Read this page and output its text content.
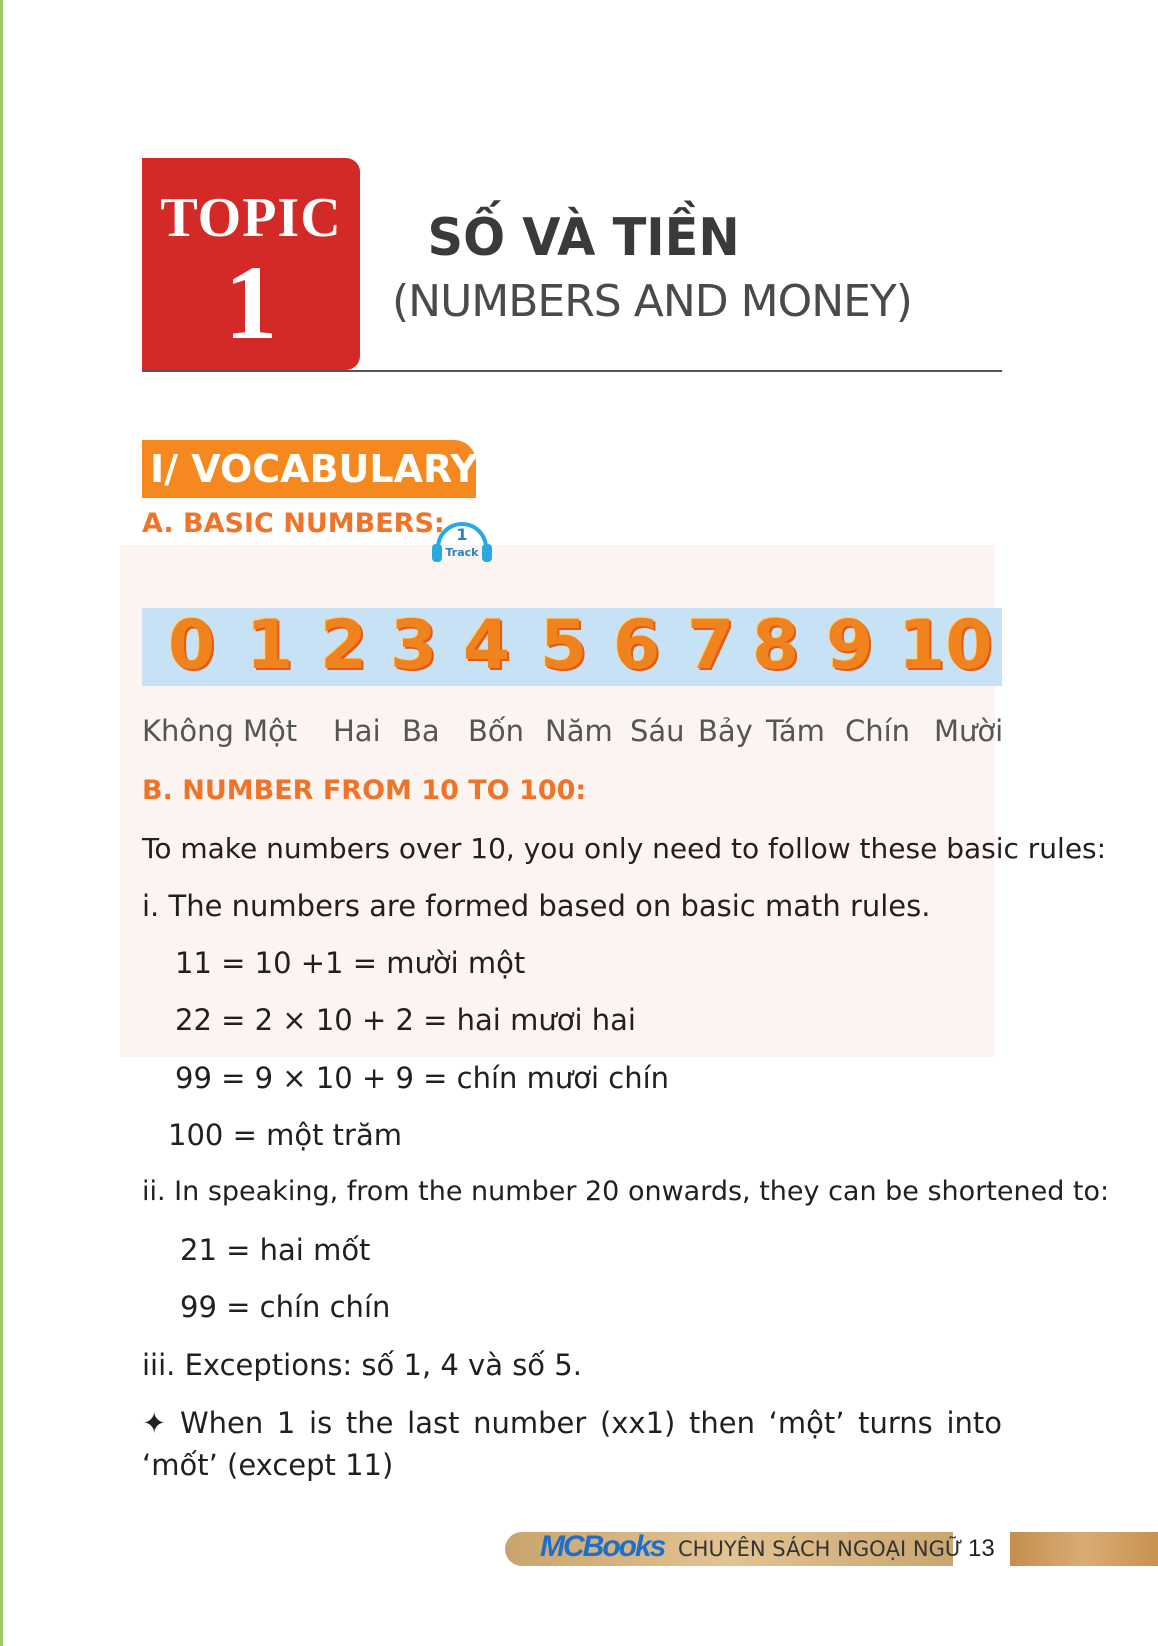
TOPIC
1
SỐ VÀ TIỀN
(NUMBERS AND MONEY)
I/ VOCABULARY:
A. BASIC NUMBERS: 1
Track
0 1 2 3 4 5 6 7 8 9 10
Không Một Hai Ba Bốn Năm Sáu Bảy Tám Chín Mười
B. NUMBER FROM 10 TO 100:
To make numbers over 10, you only need to follow these basic rules:
i. The numbers are formed based on basic math rules.
11 = 10 +1 = mười một
22 = 2 × 10 + 2 = hai mươi hai
99 = 9 × 10 + 9 = chín mươi chín
100 = một trăm
ii. In speaking, from the number 20 onwards, they can be shortened to:
21 = hai mốt
99 = chín chín
iii. Exceptions: số 1, 4 và số 5.
✦ When 1 is the last number (xx1) then ‘một’ turns into ‘mốt’ (except 11)
MCBooks CHUYÊN SÁCH NGOẠI NGỮ 13
